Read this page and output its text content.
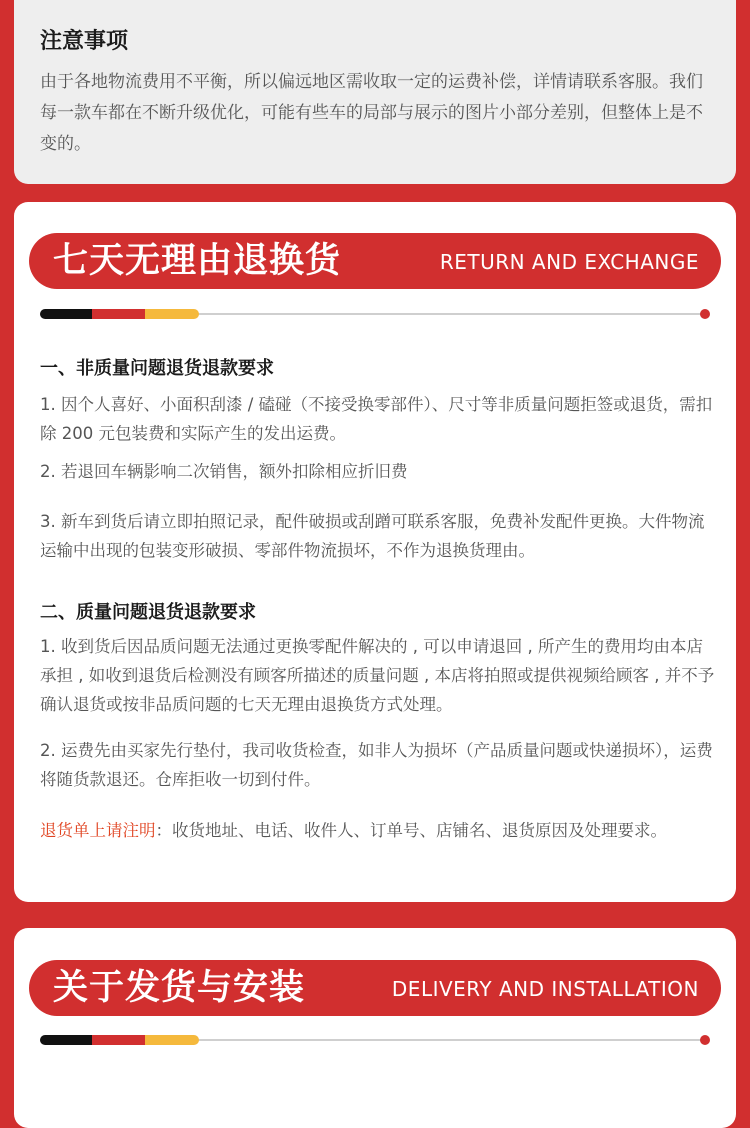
注意事项
由于各地物流费用不平衡，所以偏远地区需收取一定的运费补偿，详情请联系客服。我们每一款车都在不断升级优化，可能有些车的局部与展示的图片小部分差别，但整体上是不变的。
七天无理由退换货	RETURN AND EXCHANGE

一、非质量问题退货退款要求

1. 因个人喜好、小面积刮漆 / 磕碰（不接受换零部件）、尺寸等非质量问题拒签或退货，需扣除 200 元包装费和实际产生的发出运费。

2. 若退回车辆影响二次销售，额外扣除相应折旧费

3. 新车到货后请立即拍照记录，配件破损或刮蹭可联系客服，免费补发配件更换。大件物流运输中出现的包装变形破损、零部件物流损坏，不作为退换货理由。

二、质量问题退货退款要求

1. 收到货后因品质问题无法通过更换零配件解决的 , 可以申请退回 , 所产生的费用均由本店承担 , 如收到退货后检测没有顾客所描述的质量问题 , 本店将拍照或提供视频给顾客 , 并不予确认退货或按非品质问题的七天无理由退换货方式处理。

2. 运费先由买家先行垫付，我司收货检查，如非人为损坏（产品质量问题或快递损坏），运费将随货款退还。仓库拒收一切到付件。

退货单上请注明：收货地址、电话、收件人、订单号、店铺名、退货原因及处理要求。

关于发货与安装	DELIVERY AND INSTALLATION
